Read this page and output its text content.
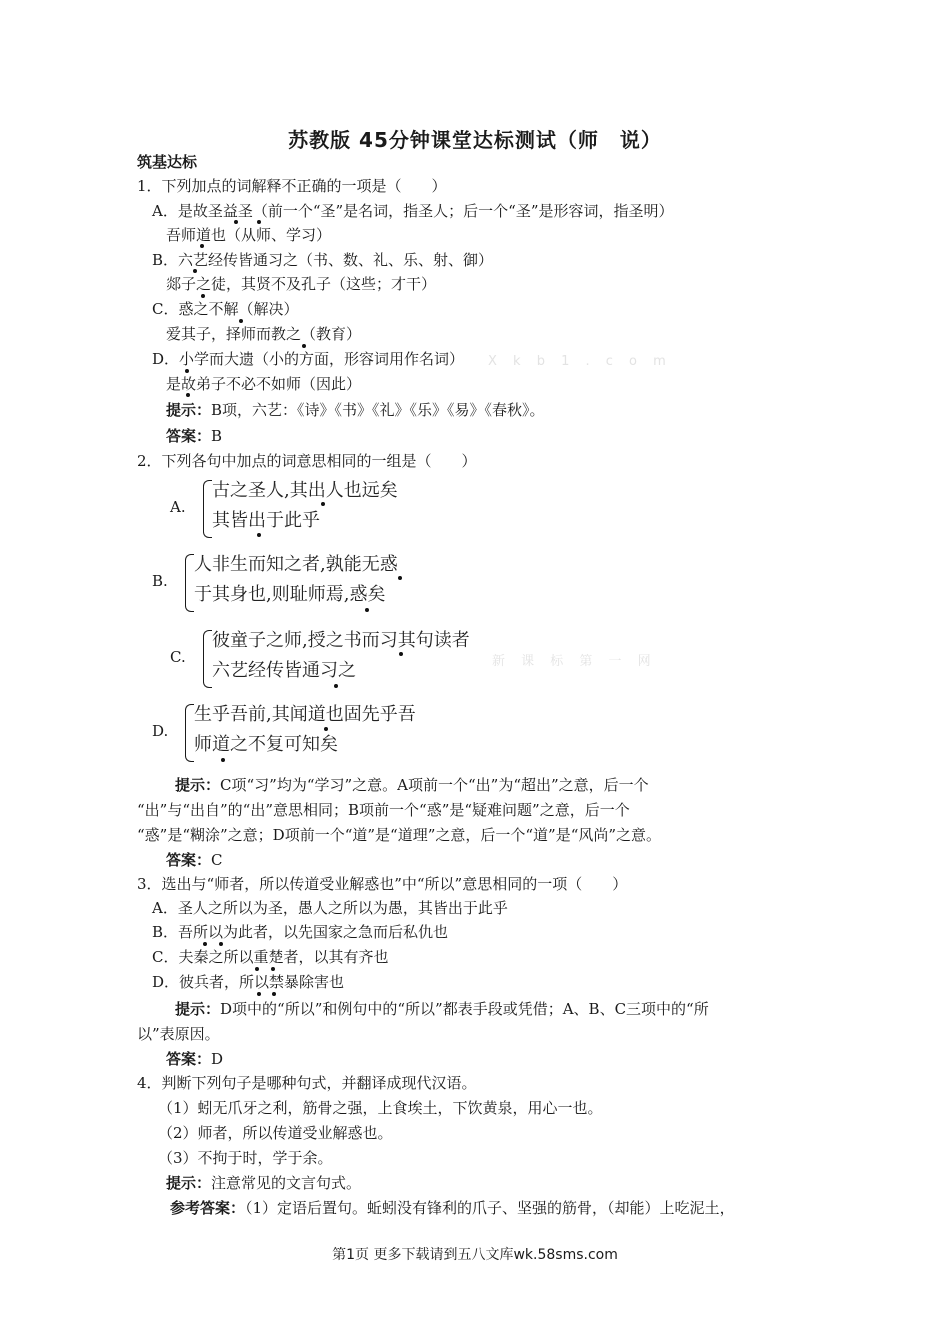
苏教版 45分钟课堂达标测试（师　说）
筑基达标
1．下列加点的词解释不正确的一项是（　　）
A．是故圣益圣（前一个“圣”是名词，指圣人；后一个“圣”是形容词，指圣明）
吾师道也（从师、学习）
B．六艺经传皆通习之（书、数、礼、乐、射、御）
郯子之徒，其贤不及孔子（这些；才干）
C．惑之不解（解决）
爱其子，择师而教之（教育）
D．小学而大遗（小的方面，形容词用作名词）
是故弟子不必不如师（因此）
提示：B项，六艺：《诗》《书》《礼》《乐》《易》《春秋》。
答案：B
2．下列各句中加点的词意思相同的一组是（　　）
A.
古之圣人,其出人也远矣
其皆出于此乎
B.
人非生而知之者,孰能无惑
于其身也,则耻师焉,惑矣
C.
彼童子之师,授之书而习其句读者
六艺经传皆通习之
D.
生乎吾前,其闻道也固先乎吾
师道之不复可知矣
提示：C项“习”均为“学习”之意。A项前一个“出”为“超出”之意，后一个
“出”与“出自”的“出”意思相同；B项前一个“惑”是“疑难问题”之意，后一个
“惑”是“糊涂”之意；D项前一个“道”是“道理”之意，后一个“道”是“风尚”之意。
答案：C
3．选出与“师者，所以传道受业解惑也”中“所以”意思相同的一项（　　）
A．圣人之所以为圣，愚人之所以为愚，其皆出于此乎
B．吾所以为此者，以先国家之急而后私仇也
C．夫秦之所以重楚者，以其有齐也
D．彼兵者，所以禁暴除害也
提示：D项中的“所以”和例句中的“所以”都表手段或凭借；A、B、C三项中的“所
以”表原因。
答案：D
4．判断下列句子是哪种句式，并翻译成现代汉语。
（1）蚓无爪牙之利，筋骨之强，上食埃土，下饮黄泉，用心一也。
（2）师者，所以传道受业解惑也。
（3）不拘于时，学于余。
提示：注意常见的文言句式。
参考答案：（1）定语后置句。蚯蚓没有锋利的爪子、坚强的筋骨，（却能）上吃泥土，
X k b 1 . c o m
新 课 标 第 一 网
第1页 更多下载请到五八文库wk.58sms.com
